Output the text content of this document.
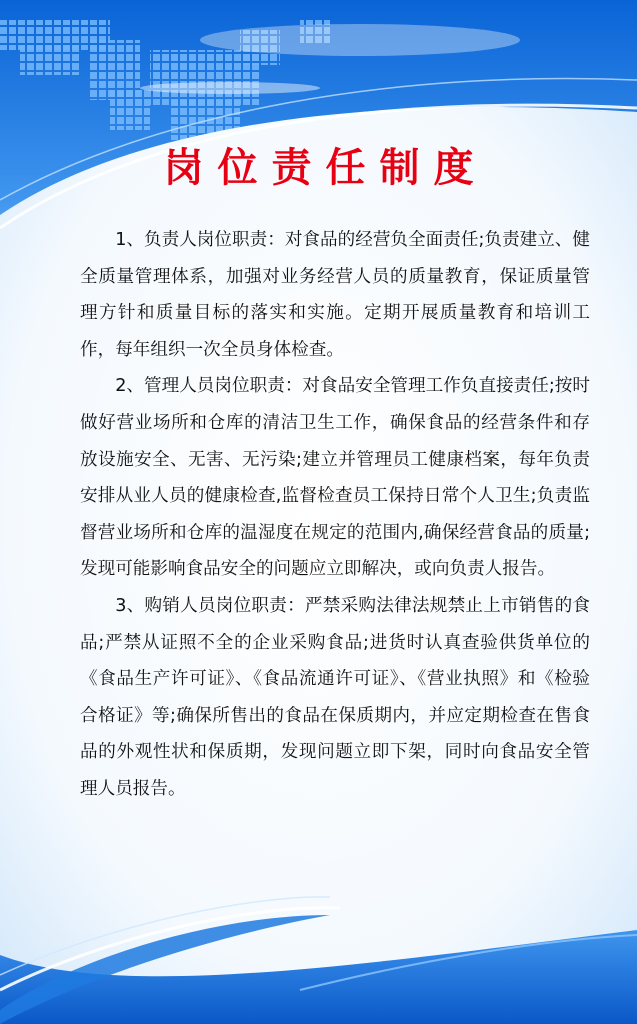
岗位责任制度

1、负责人岗位职责：对食品的经营负全面责任;负责建立、健全质量管理体系，加强对业务经营人员的质量教育，保证质量管理方针和质量目标的落实和实施。定期开展质量教育和培训工作，每年组织一次全员身体检查。

2、管理人员岗位职责：对食品安全管理工作负直接责任;按时做好营业场所和仓库的清洁卫生工作，确保食品的经营条件和存放设施安全、无害、无污染;建立并管理员工健康档案，每年负责安排从业人员的健康检查,监督检查员工保持日常个人卫生;负责监督营业场所和仓库的温湿度在规定的范围内,确保经营食品的质量;发现可能影响食品安全的问题应立即解决，或向负责人报告。

3、购销人员岗位职责：严禁采购法律法规禁止上市销售的食品;严禁从证照不全的企业采购食品;进货时认真查验供货单位的《食品生产许可证》、《食品流通许可证》、《营业执照》和《检验合格证》等;确保所售出的食品在保质期内，并应定期检查在售食品的外观性状和保质期，发现问题立即下架，同时向食品安全管理人员报告。
